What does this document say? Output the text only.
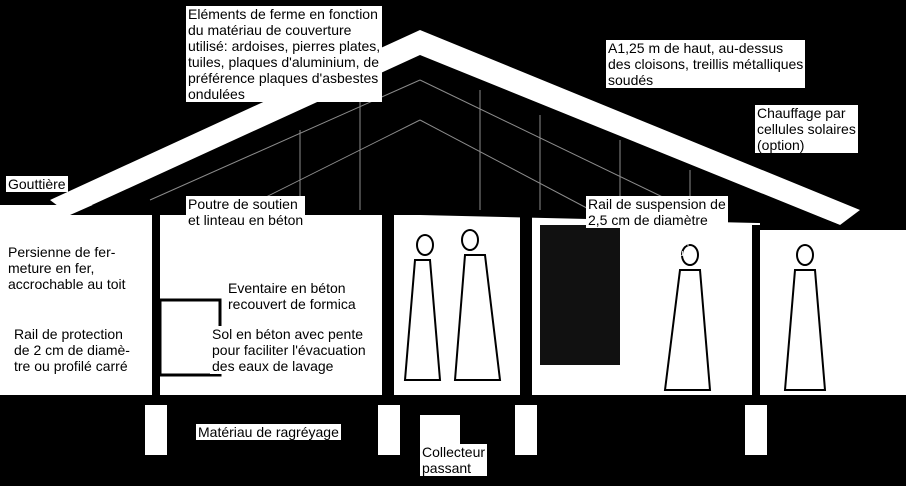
Eléments de ferme en fonction
du matériau de couverture
utilisé: ardoises, pierres plates,
tuiles, plaques d'aluminium, de
préférence plaques d'asbestes
ondulées
A1,25 m de haut, au-dessus
des cloisons, treillis métalliques
soudés
Chauffage par
cellules solaires
(option)
Gouttière
Poutre de soutien
et linteau en béton
Rail de suspension de
2,5 cm de diamètre
Garde-viande en
treillis métalliques
soudés de
1,70 m³
de capacité
Persienne de fer-
meture en fer,
accrochable au toit	Eventaire en béton
recouvert de formica
Rail de protection
de 2 cm de diamè-
tre ou profilé carré
Sol en béton avec pente
pour faciliter l'évacuation
des eaux de lavage
Matériau de ragréyage
Collecteur
passant
